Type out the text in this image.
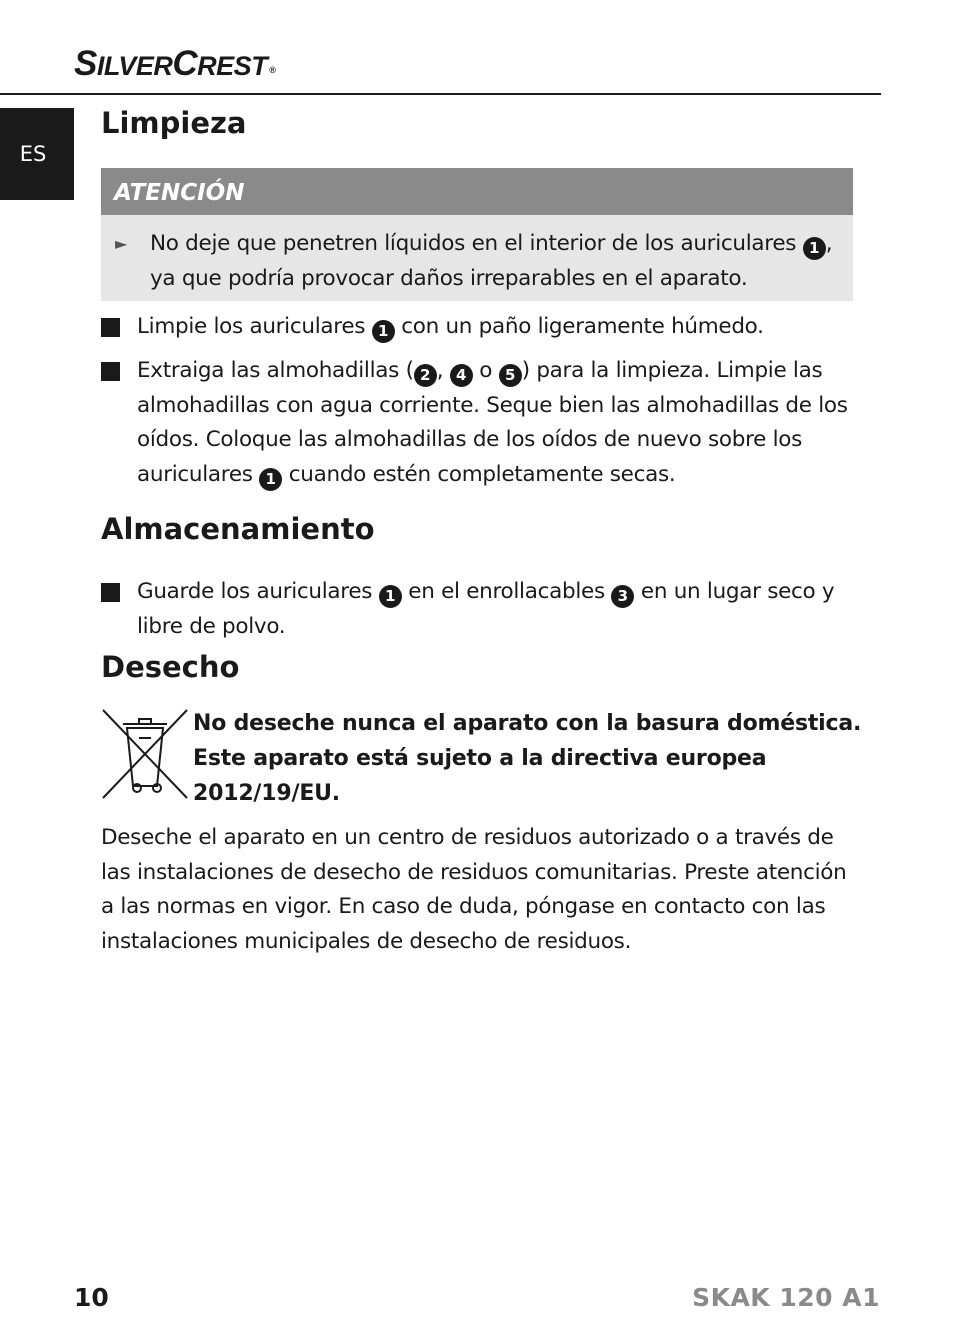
SILVERCREST ®
ES
Limpieza
ATENCIÓN
► No deje que penetren líquidos en el interior de los auriculares 1 , ya que podría provocar daños irreparables en el aparato.
Limpie los auriculares 1 con un paño ligeramente húmedo.
Extraiga las almohadillas ( 2 , 4 o 5 ) para la limpieza. Limpie las almohadillas con agua corriente. Seque bien las almohadillas de los oídos. Coloque las almohadillas de los oídos de nuevo sobre los auriculares 1 cuando estén completamente secas.
Almacenamiento
Guarde los auriculares 1 en el enrollacables 3 en un lugar seco y libre de polvo.
Desecho
No deseche nunca el aparato con la basura doméstica. Este aparato está sujeto a la directiva europea 2012/19/EU.
Deseche el aparato en un centro de residuos autorizado o a través de las instalaciones de desecho de residuos comunitarias. Preste atención a las normas en vigor. En caso de duda, póngase en contacto con las instalaciones municipales de desecho de residuos.
10	SKAK 120 A1
